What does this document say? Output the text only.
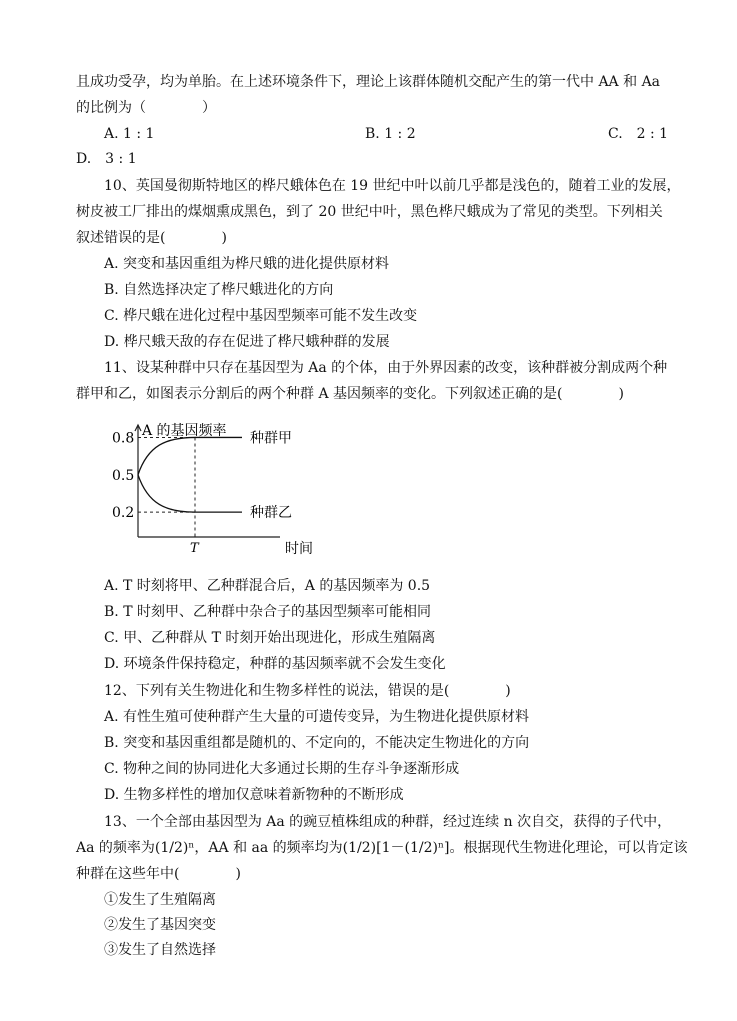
且成功受孕，均为单胎。在上述环境条件下，理论上该群体随机交配产生的第一代中 AA 和 Aa
的比例为（　　　　）
A. 1 : 1	B. 1 : 2	C.　2 : 1
D.　3 : 1
10、英国曼彻斯特地区的桦尺蛾体色在 19 世纪中叶以前几乎都是浅色的，随着工业的发展，
树皮被工厂排出的煤烟熏成黑色，到了 20 世纪中叶，黑色桦尺蛾成为了常见的类型。下列相关
叙述错误的是(　　　　)
A. 突变和基因重组为桦尺蛾的进化提供原材料
B. 自然选择决定了桦尺蛾进化的方向
C. 桦尺蛾在进化过程中基因型频率可能不发生改变
D. 桦尺蛾天敌的存在促进了桦尺蛾种群的发展
11、设某种群中只存在基因型为 Aa 的个体，由于外界因素的改变，该种群被分割成两个种
群甲和乙，如图表示分割后的两个种群 A 基因频率的变化。下列叙述正确的是(　　　　)
A 的基因频率
时间
0.8
0.5
0.2
T
种群甲
种群乙
A. T 时刻将甲、乙种群混合后，A 的基因频率为 0.5
B. T 时刻甲、乙种群中杂合子的基因型频率可能相同
C. 甲、乙种群从 T 时刻开始出现进化，形成生殖隔离
D. 环境条件保持稳定，种群的基因频率就不会发生变化
12、下列有关生物进化和生物多样性的说法，错误的是(　　　　)
A. 有性生殖可使种群产生大量的可遗传变异，为生物进化提供原材料
B. 突变和基因重组都是随机的、不定向的，不能决定生物进化的方向
C. 物种之间的协同进化大多通过长期的生存斗争逐渐形成
D. 生物多样性的增加仅意味着新物种的不断形成
13、一个全部由基因型为 Aa 的豌豆植株组成的种群，经过连续 n 次自交，获得的子代中，
Aa 的频率为(1/2)ⁿ，AA 和 aa 的频率均为(1/2)[1－(1/2)ⁿ]。根据现代生物进化理论，可以肯定该
种群在这些年中(　　　　)
①发生了生殖隔离
②发生了基因突变
③发生了自然选择
